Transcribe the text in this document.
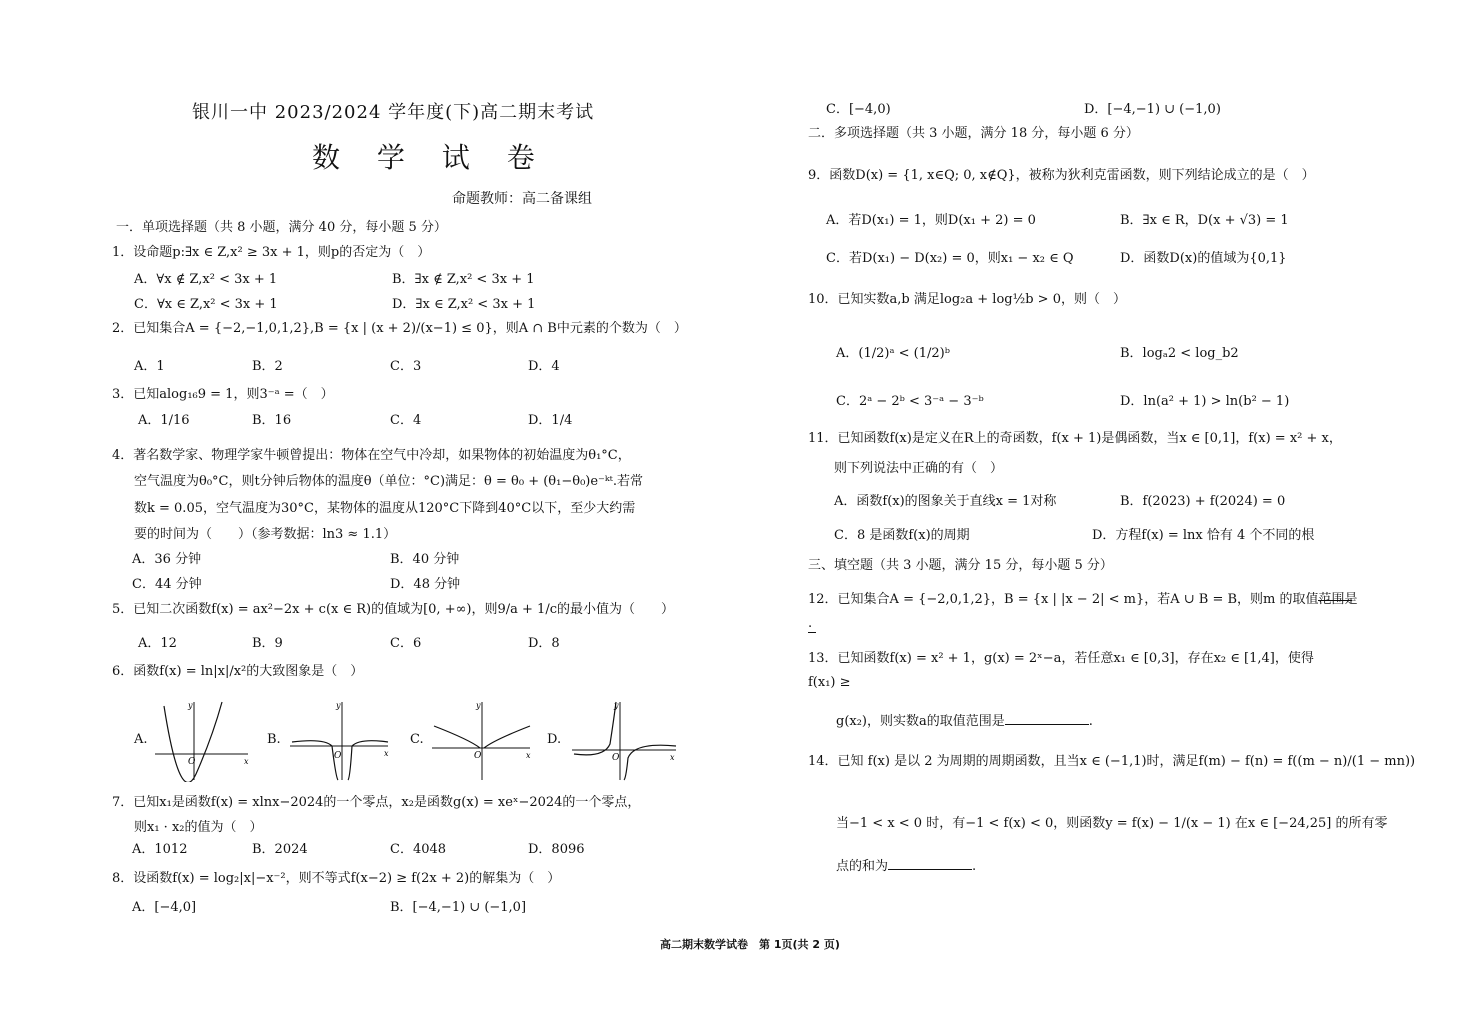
银川一中 2023/2024 学年度(下)高二期末考试
数 学 试 卷
命题教师：高二备课组
一．单项选择题（共 8 小题，满分 40 分，每小题 5 分）
1．设命题p:∃x ∈ Z,x² ≥ 3x + 1，则p的否定为（　）
A．∀x ∉ Z,x² < 3x + 1	B．∃x ∉ Z,x² < 3x + 1
C．∀x ∈ Z,x² < 3x + 1	D．∃x ∈ Z,x² < 3x + 1
2．已知集合A = {−2,−1,0,1,2},B = {x | (x + 2)/(x−1) ≤ 0}，则A ∩ B中元素的个数为（　）
A．1	B．2	C．3	D．4
3．已知alog₁₆9 = 1，则3⁻ᵃ =（　）
A．1/16	B．16	C．4	D．1/4
4．著名数学家、物理学家牛顿曾提出：物体在空气中冷却，如果物体的初始温度为θ₁°C，
空气温度为θ₀°C，则t分钟后物体的温度θ（单位：°C)满足：θ = θ₀ + (θ₁−θ₀)e⁻ᵏᵗ.若常
数k = 0.05，空气温度为30°C，某物体的温度从120°C下降到40°C以下，至少大约需
要的时间为（　　）（参考数据：ln3 ≈ 1.1）
A．36 分钟	B．40 分钟
C．44 分钟	D．48 分钟
5．已知二次函数f(x) = ax²−2x + c(x ∈ R)的值域为[0, +∞)，则9/a + 1/c的最小值为（　　）
A．12	B．9	C．6	D．8
6．函数f(x) = ln|x|/x²的大致图象是（　）
A.	B.	C.	D.
O	x
y
O	x
y
O	x
y
O	x
y
7．已知x₁是函数f(x) = xlnx−2024的一个零点，x₂是函数g(x) = xeˣ−2024的一个零点，
则x₁ · x₂的值为（　）
A．1012	B．2024	C．4048	D．8096
8．设函数f(x) = log₂|x|−x⁻²，则不等式f(x−2) ≥ f(2x + 2)的解集为（　）
A．[−4,0]	B．[−4,−1) ∪ (−1,0]
C．[−4,0)	D．[−4,−1) ∪ (−1,0)
二．多项选择题（共 3 小题，满分 18 分，每小题 6 分）
9．函数D(x) = {1, x∈Q; 0, x∉Q}，被称为狄利克雷函数，则下列结论成立的是（　）
A．若D(x₁) = 1，则D(x₁ + 2) = 0	B．∃x ∈ R，D(x + √3) = 1
C．若D(x₁) − D(x₂) = 0，则x₁ − x₂ ∈ Q	D．函数D(x)的值域为{0,1}
10．已知实数a,b 满足log₂a + log½b > 0，则（　）
A．(1/2)ᵃ < (1/2)ᵇ	B．logₐ2 < log_b2
C．2ᵃ − 2ᵇ < 3⁻ᵃ − 3⁻ᵇ	D．ln(a² + 1) > ln(b² − 1)
11．已知函数f(x)是定义在R上的奇函数，f(x + 1)是偶函数，当x ∈ [0,1]，f(x) = x² + x，
则下列说法中正确的有（　）
A．函数f(x)的图象关于直线x = 1对称	B．f(2023) + f(2024) = 0
C．8 是函数f(x)的周期	D．方程f(x) = lnx 恰有 4 个不同的根
三、填空题（共 3 小题，满分 15 分，每小题 5 分）
12．已知集合A = {−2,0,1,2}，B = {x | |x − 2| < m}，若A ∪ B = B，则m 的取值范围是
.
13．已知函数f(x) = x² + 1，g(x) = 2ˣ−a，若任意x₁ ∈ [0,3]，存在x₂ ∈ [1,4]，使得
f(x₁) ≥
g(x₂)，则实数a的取值范围是	.
14．已知 f(x) 是以 2 为周期的周期函数，且当x ∈ (−1,1)时，满足f(m) − f(n) = f((m − n)/(1 − mn))
当−1 < x < 0 时，有−1 < f(x) < 0，则函数y = f(x) − 1/(x − 1) 在x ∈ [−24,25] 的所有零
点的和为	.
高二期末数学试卷　第 1页(共 2 页)
